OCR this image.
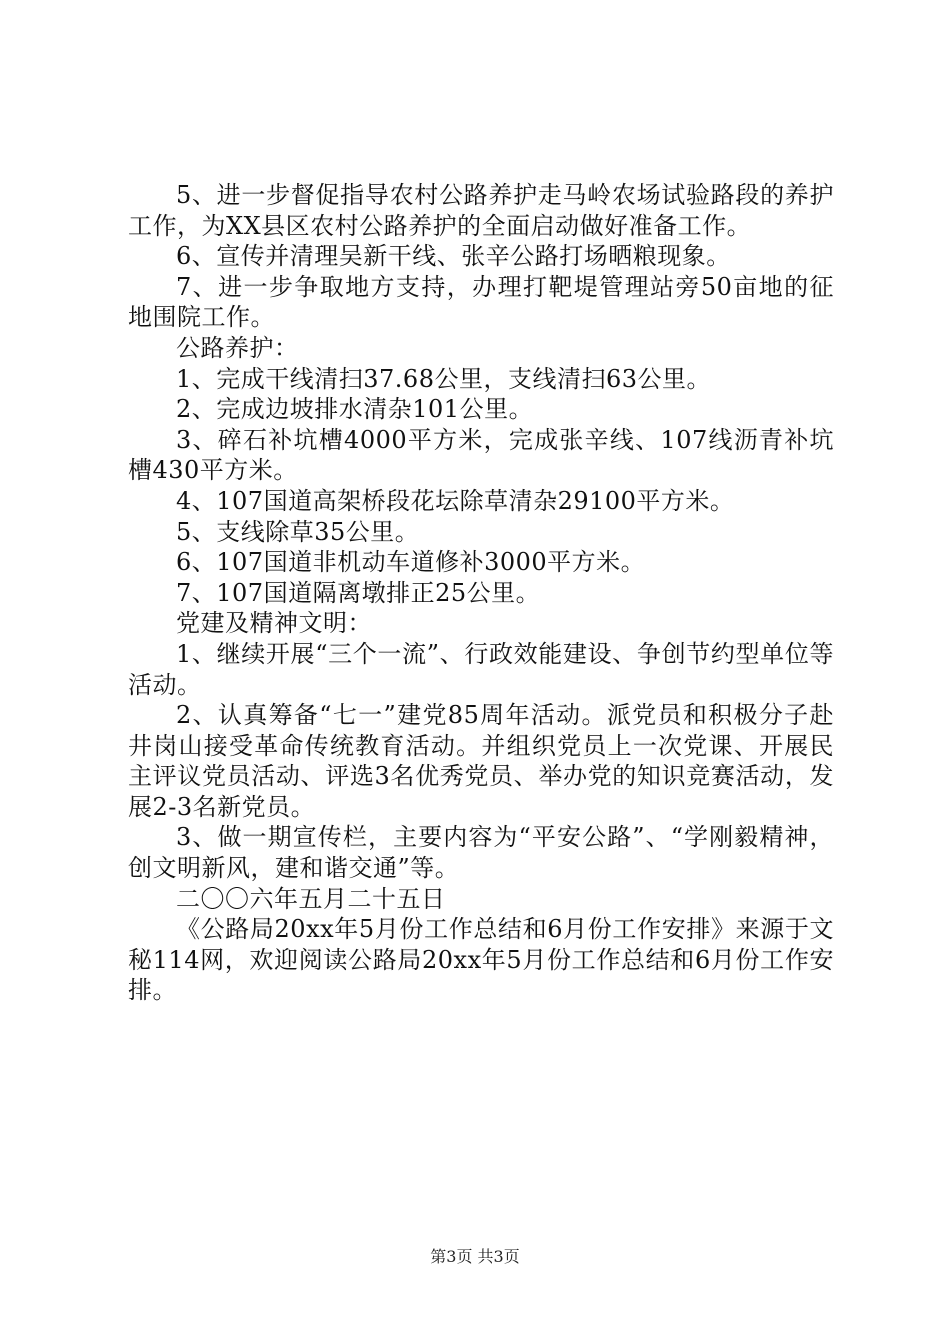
5、进一步督促指导农村公路养护走马岭农场试验路段的养护工作，为XX县区农村公路养护的全面启动做好准备工作。

6、宣传并清理吴新干线、张辛公路打场晒粮现象。

7、进一步争取地方支持，办理打靶堤管理站旁50亩地的征地围院工作。

公路养护：

1、完成干线清扫37.68公里，支线清扫63公里。

2、完成边坡排水清杂101公里。

3、碎石补坑槽4000平方米，完成张辛线、107线沥青补坑槽430平方米。

4、107国道高架桥段花坛除草清杂29100平方米。

5、支线除草35公里。

6、107国道非机动车道修补3000平方米。

7、107国道隔离墩排正25公里。

党建及精神文明：

1、继续开展“三个一流”、行政效能建设、争创节约型单位等活动。

2、认真筹备“七一”建党85周年活动。派党员和积极分子赴井岗山接受革命传统教育活动。并组织党员上一次党课、开展民主评议党员活动、评选3名优秀党员、举办党的知识竞赛活动，发展2-3名新党员。

3、做一期宣传栏，主要内容为“平安公路”、“学刚毅精神，创文明新风，建和谐交通”等。

二〇〇六年五月二十五日

《公路局20xx年5月份工作总结和6月份工作安排》来源于文秘114网，欢迎阅读公路局20xx年5月份工作总结和6月份工作安排。

第3页 共3页
